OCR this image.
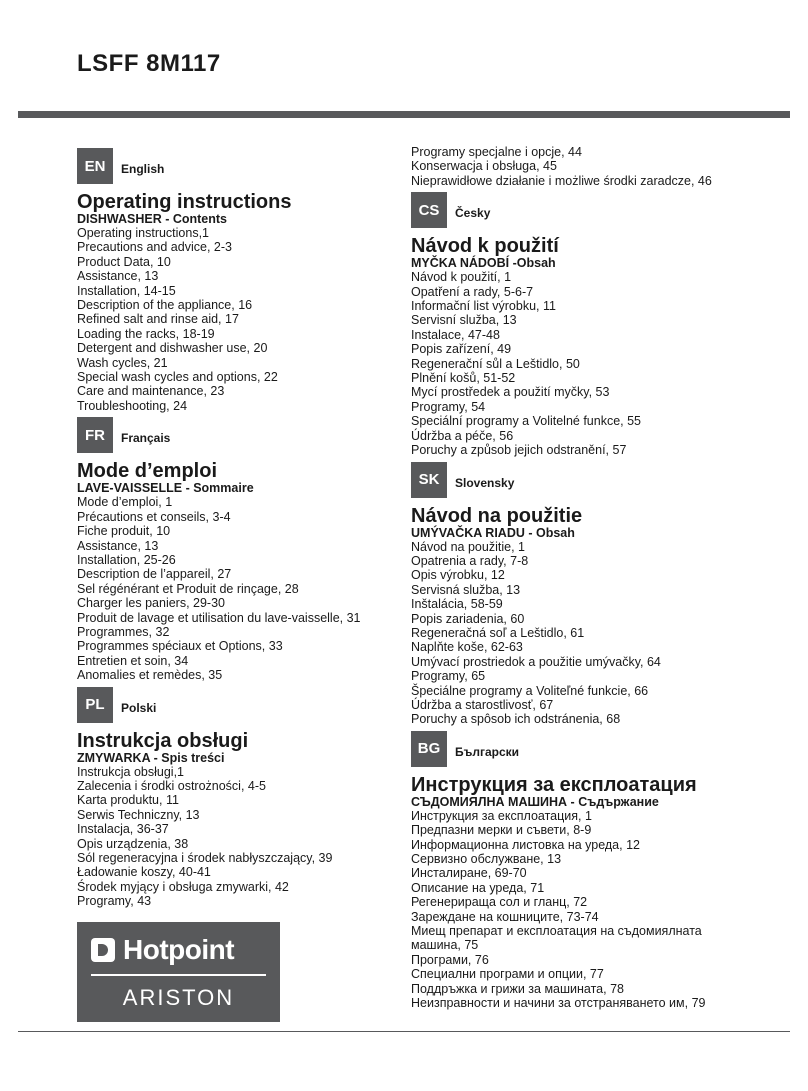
LSFF 8M117
EN	English
Operating instructions
DISHWASHER - Contents
Operating instructions,1
Precautions and advice, 2-3
Product Data, 10
Assistance, 13
Installation, 14-15
Description of the appliance, 16
Refined salt and rinse aid, 17
Loading the racks, 18-19
Detergent and dishwasher use, 20
Wash cycles, 21
Special wash cycles and options, 22
Care and maintenance, 23
Troubleshooting, 24
FR	Français
Mode d’emploi
LAVE-VAISSELLE - Sommaire
Mode d’emploi, 1
Précautions et conseils, 3-4
Fiche produit, 10
Assistance, 13
Installation, 25-26
Description de l’appareil, 27
Sel régénérant et Produit de rinçage, 28
Charger les paniers, 29-30
Produit de lavage et utilisation du lave-vaisselle, 31
Programmes, 32
Programmes spéciaux et Options, 33
Entretien et soin, 34
Anomalies et remèdes, 35
PL	Polski
Instrukcja obsługi
ZMYWARKA - Spis treści
Instrukcja obsługi,1
Zalecenia i środki ostrożności, 4-5
Karta produktu, 11
Serwis Techniczny, 13
Instalacja, 36-37
Opis urządzenia, 38
Sól regeneracyjna i środek nabłyszczający, 39
Ładowanie koszy, 40-41
Środek myjący i obsługa zmywarki, 42
Programy, 43
Programy specjalne i opcje, 44
Konserwacja i obsługa, 45
Nieprawidłowe działanie i możliwe środki zaradcze, 46
CS	Česky
Návod k použití
MYČKA NÁDOBÍ -Obsah
Návod k použití, 1
Opatření a rady, 5-6-7
Informační list výrobku, 11
Servisní služba, 13
Instalace, 47-48
Popis zařízení, 49
Regenerační sůl a Leštidlo, 50
Plnění košů, 51-52
Mycí prostředek a použití myčky, 53
Programy, 54
Speciální programy a Volitelné funkce, 55
Údržba a péče, 56
Poruchy a způsob jejich odstranění, 57
SK	Slovensky
Návod na použitie
UMÝVAČKA RIADU - Obsah
Návod na použitie, 1
Opatrenia a rady, 7-8
Opis výrobku, 12
Servisná služba, 13
Inštalácia, 58-59
Popis zariadenia, 60
Regeneračná soľ a Leštidlo, 61
Naplňte koše, 62-63
Umývací prostriedok a použitie umývačky, 64
Programy, 65
Špeciálne programy a Voliteľné funkcie, 66
Údržba a starostlivosť, 67
Poruchy a spôsob ich odstránenia, 68
BG	Български
Инструкция за експлоатация
СЪДОМИЯЛНА МАШИНА - Съдържание
Инструкция за експлоатация, 1
Предпазни мерки и съвети, 8-9
Информационна листовка на уреда, 12
Сервизно обслужване, 13
Инсталиране, 69-70
Описание на уреда, 71
Регенерираща сол и гланц, 72
Зареждане на кошниците, 73-74
Миещ препарат и експлоатация на съдомиялната
машина, 75
Програми, 76
Специални програми и опции, 77
Поддръжка и грижи за машината, 78
Неизправности и начини за отстраняването им, 79
Hotpoint
ARISTON
